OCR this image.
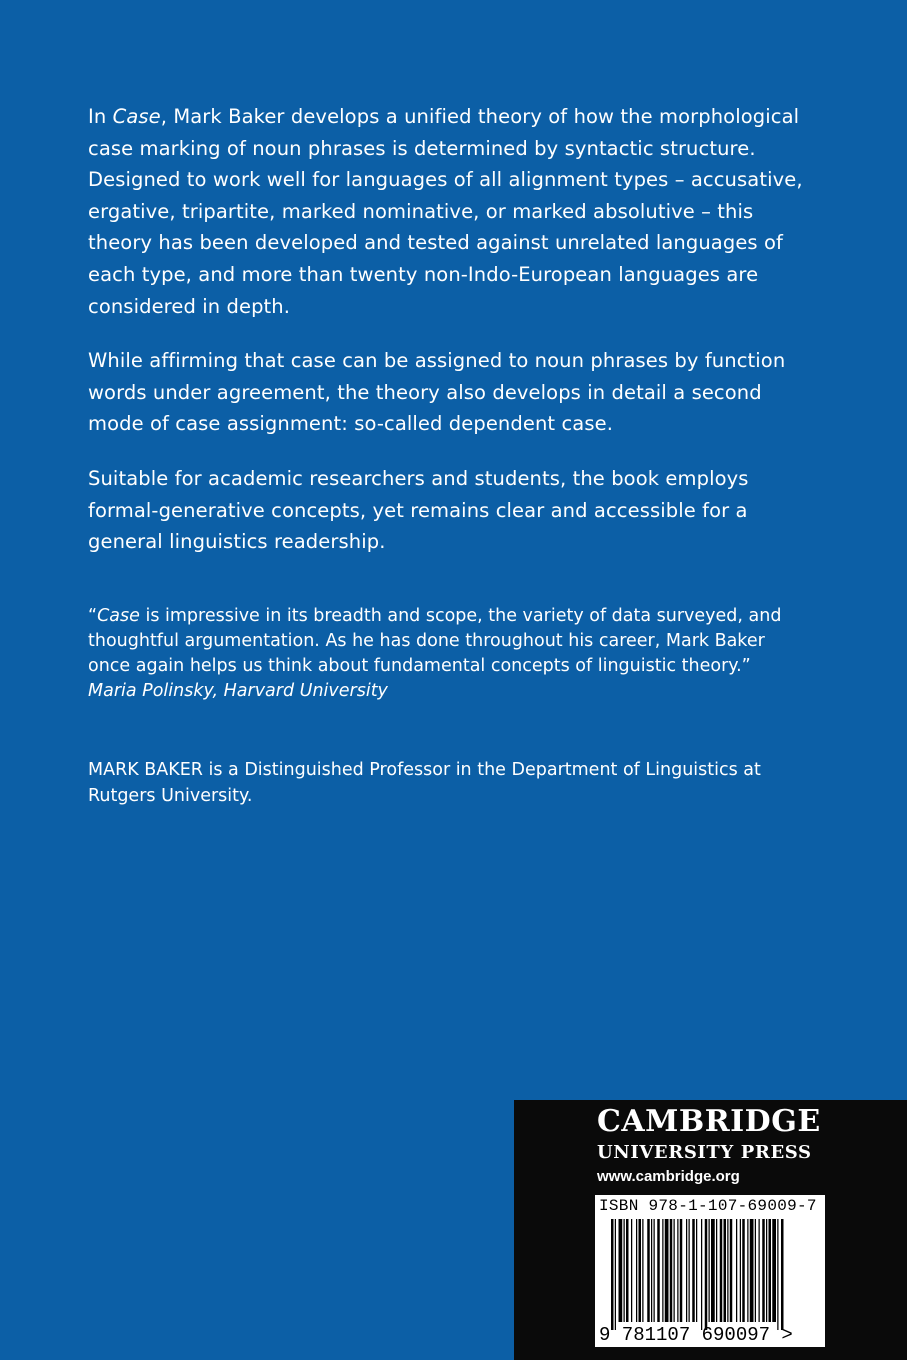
In Case, Mark Baker develops a unified theory of how the morphological case marking of noun phrases is determined by syntactic structure. Designed to work well for languages of all alignment types – accusative, ergative, tripartite, marked nominative, or marked absolutive – this theory has been developed and tested against unrelated languages of each type, and more than twenty non-Indo-European languages are considered in depth.

While affirming that case can be assigned to noun phrases by function words under agreement, the theory also develops in detail a second mode of case assignment: so-called dependent case.

Suitable for academic researchers and students, the book employs formal-generative concepts, yet remains clear and accessible for a general linguistics readership.

“Case is impressive in its breadth and scope, the variety of data surveyed, and thoughtful argumentation. As he has done throughout his career, Mark Baker once again helps us think about fundamental concepts of linguistic theory.”

Maria Polinsky, Harvard University

MARK BAKER is a Distinguished Professor in the Department of Linguistics at Rutgers University.

CAMBRIDGE
UNIVERSITY PRESS
www.cambridge.org
ISBN 978-1-107-69009-7
9 781107 690097 >
